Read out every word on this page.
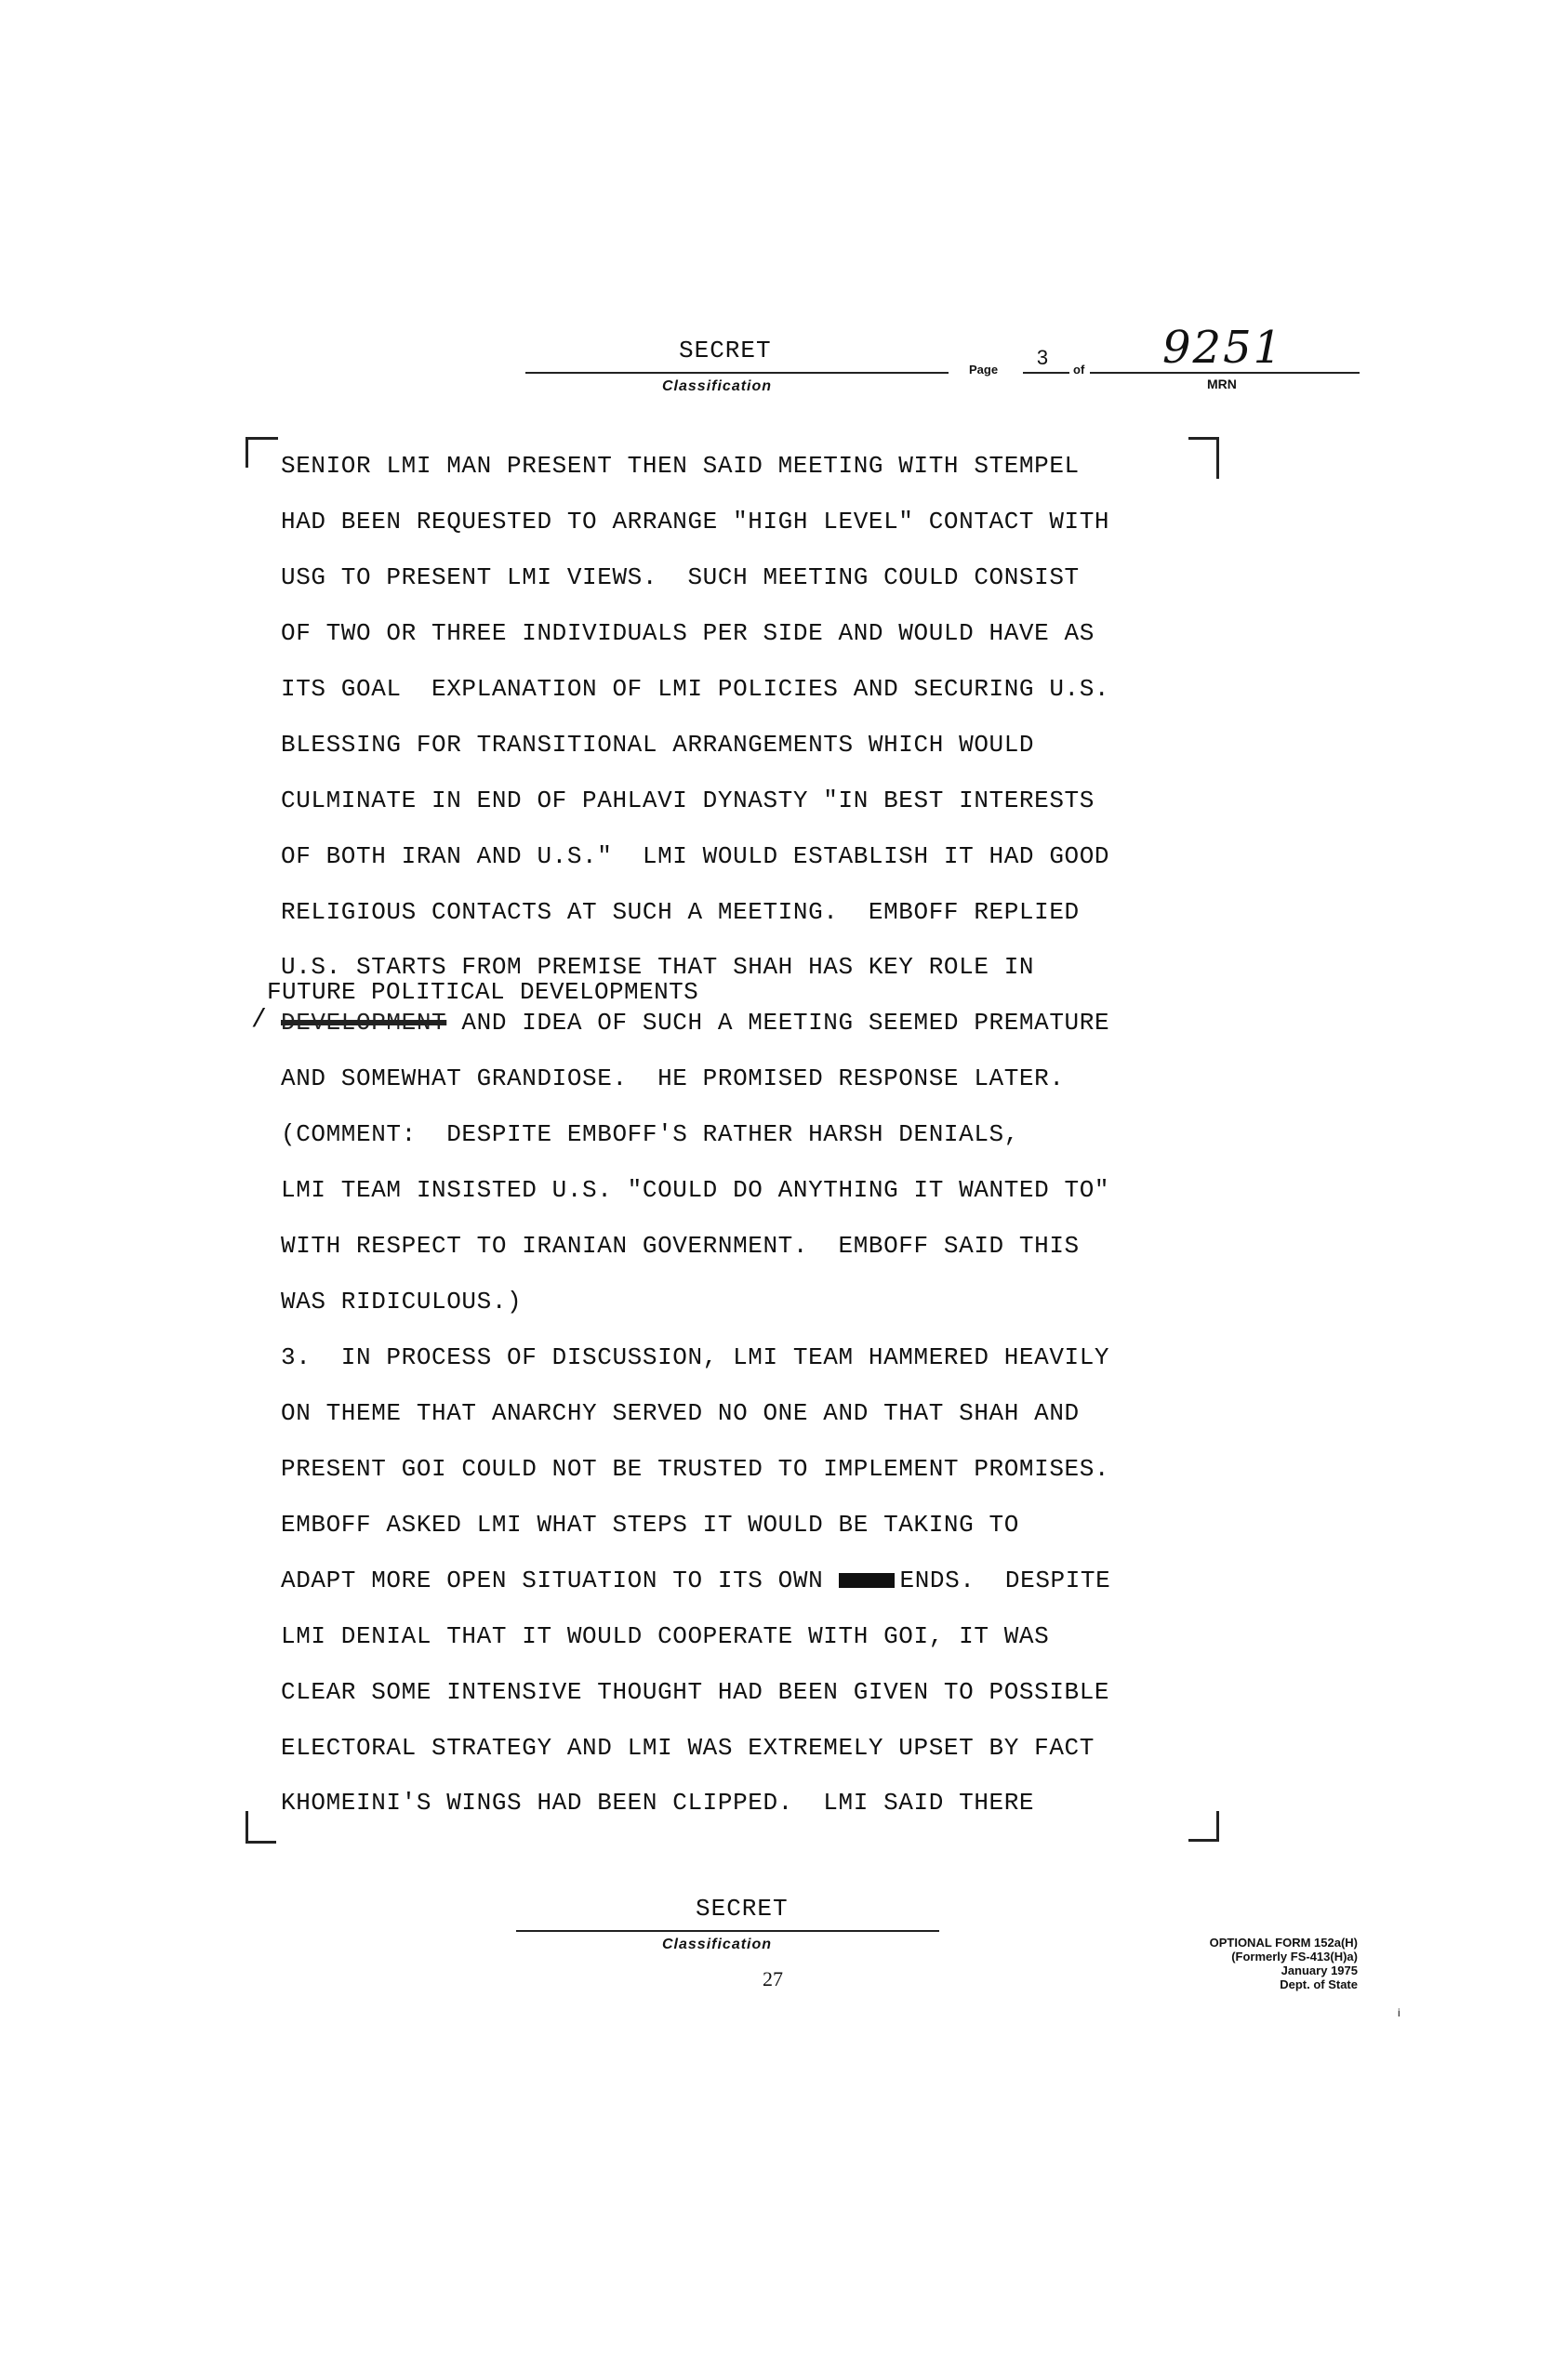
SECRET
Classification
Page
3
of 9251
MRN
SENIOR LMI MAN PRESENT THEN SAID MEETING WITH STEMPEL
HAD BEEN REQUESTED TO ARRANGE "HIGH LEVEL" CONTACT WITH
USG TO PRESENT LMI VIEWS.  SUCH MEETING COULD CONSIST
OF TWO OR THREE INDIVIDUALS PER SIDE AND WOULD HAVE AS
ITS GOAL  EXPLANATION OF LMI POLICIES AND SECURING U.S.
BLESSING FOR TRANSITIONAL ARRANGEMENTS WHICH WOULD
CULMINATE IN END OF PAHLAVI DYNASTY "IN BEST INTERESTS
OF BOTH IRAN AND U.S."  LMI WOULD ESTABLISH IT HAD GOOD
RELIGIOUS CONTACTS AT SUCH A MEETING.  EMBOFF REPLIED
U.S. STARTS FROM PREMISE THAT SHAH HAS KEY ROLE IN
FUTURE POLITICAL DEVELOPMENTS
/ DEVELOPMENT AND IDEA OF SUCH A MEETING SEEMED PREMATURE
AND SOMEWHAT GRANDIOSE.  HE PROMISED RESPONSE LATER.
(COMMENT:  DESPITE EMBOFF'S RATHER HARSH DENIALS,
LMI TEAM INSISTED U.S. "COULD DO ANYTHING IT WANTED TO"
WITH RESPECT TO IRANIAN GOVERNMENT.  EMBOFF SAID THIS
WAS RIDICULOUS.)
3.  IN PROCESS OF DISCUSSION, LMI TEAM HAMMERED HEAVILY
ON THEME THAT ANARCHY SERVED NO ONE AND THAT SHAH AND
PRESENT GOI COULD NOT BE TRUSTED TO IMPLEMENT PROMISES.
EMBOFF ASKED LMI WHAT STEPS IT WOULD BE TAKING TO
ADAPT MORE OPEN SITUATION TO ITS OWN	ENDS.  DESPITE
LMI DENIAL THAT IT WOULD COOPERATE WITH GOI, IT WAS
CLEAR SOME INTENSIVE THOUGHT HAD BEEN GIVEN TO POSSIBLE
ELECTORAL STRATEGY AND LMI WAS EXTREMELY UPSET BY FACT
KHOMEINI'S WINGS HAD BEEN CLIPPED.  LMI SAID THERE
SECRET
Classification
27
OPTIONAL FORM 152a(H)
(Formerly FS-413(H)a)
January 1975
Dept. of State
i
